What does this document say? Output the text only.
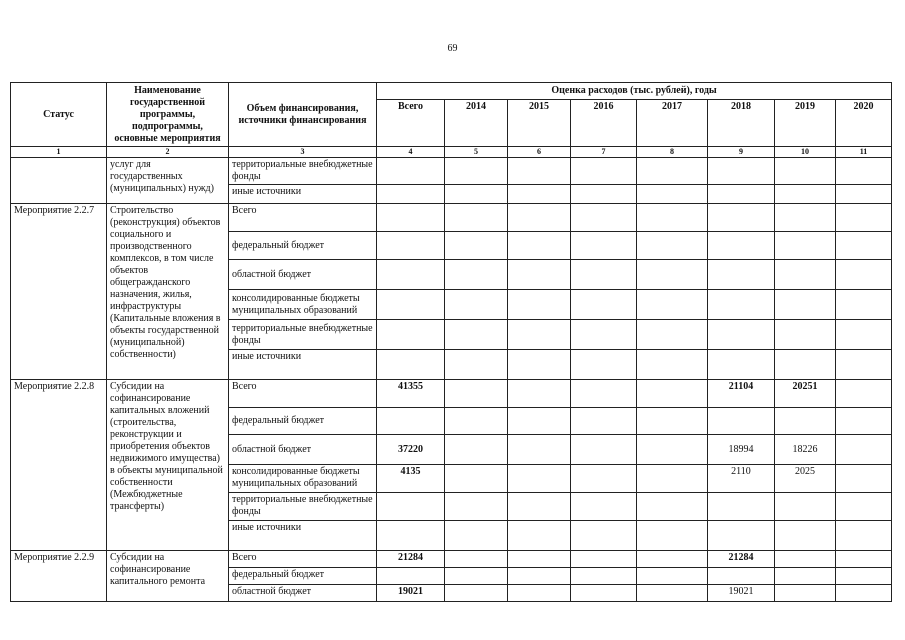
69
Статус	Наименование государственной программы, подпрограммы, основные мероприятия	Объем финансирования, источники финансирования	Оценка расходов (тыс. рублей), годы							
			Всего	2014	2015	2016	2017	2018	2019	2020
1	2	3	4	5	6	7	8	9	10	11
	услуг для государственных (муниципальных) нужд)	территориальные внебюджетные фонды								
		иные источники								
Мероприятие 2.2.7	Строительство (реконструкция) объектов социального и производственного комплексов, в том числе объектов общегражданского назначения, жилья, инфраструктуры (Капитальные вложения в объекты государственной (муниципальной) собственности)	Всего								
		федеральный бюджет								
		областной бюджет								
		консолидированные бюджеты муниципальных образований								
		территориальные внебюджетные фонды								
		иные источники								
Мероприятие 2.2.8	Субсидии на софинансирование капитальных вложений (строительства, реконструкции и приобретения объектов недвижимого имущества) в объекты муниципальной собственности (Межбюджетные трансферты)	Всего	41355					21104	20251	
		федеральный бюджет								
		областной бюджет	37220					18994	18226	
		консолидированные бюджеты муниципальных образований	4135					2110	2025	
		территориальные внебюджетные фонды								
		иные источники								
Мероприятие 2.2.9	Субсидии на софинансирование капитального ремонта	Всего	21284					21284		
		федеральный бюджет								
		областной бюджет	19021					19021		
